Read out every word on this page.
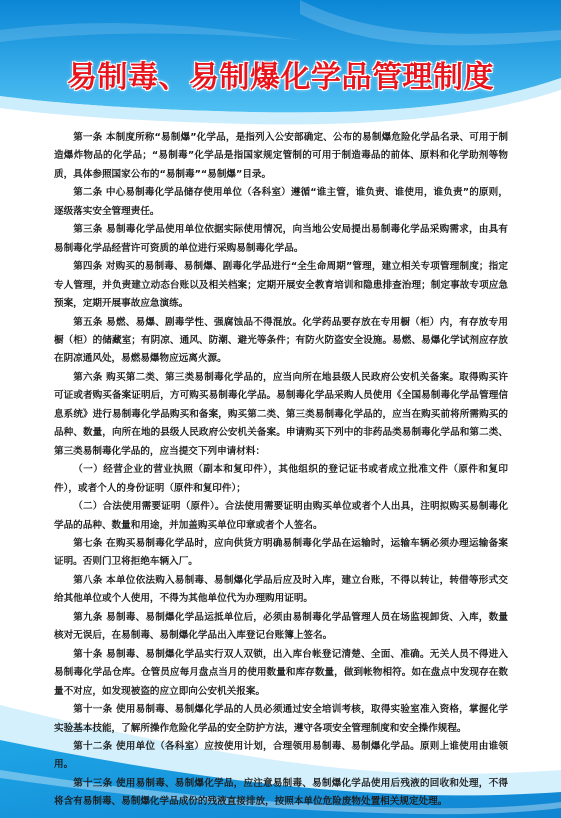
易制毒、易制爆化学品管理制度

第一条 本制度所称“易制爆”化学品，是指列入公安部确定、公布的易制爆危险化学品名录、可用于制造爆炸物品的化学品；“易制毒”化学品是指国家规定管制的可用于制造毒品的前体、原料和化学助剂等物质，具体参照国家公布的“易制毒”“易制爆”目录。

第二条 中心易制毒化学品储存使用单位（各科室）遵循“谁主管，谁负责、谁使用，谁负责”的原则，逐级落实安全管理责任。

第三条 易制毒化学品使用单位依据实际使用情况，向当地公安局提出易制毒化学品采购需求，由具有易制毒化学品经营许可资质的单位进行采购易制毒化学品。

第四条 对购买的易制毒、易制爆、剧毒化学品进行“全生命周期”管理，建立相关专项管理制度；指定专人管理，并负责建立动态台账以及相关档案；定期开展安全教育培训和隐患排查治理；制定事故专项应急预案，定期开展事故应急演练。

第五条 易燃、易爆、剧毒学性、强腐蚀品不得混放。化学药品要存放在专用橱（柜）内，有存放专用橱（柜）的储藏室；有阴凉、通风、防潮、避光等条件；有防火防盗安全设施。易燃、易爆化学试剂应存放在阴凉通风处，易燃易爆物应远离火源。

第六条 购买第二类、第三类易制毒化学品的，应当向所在地县级人民政府公安机关备案。取得购买许可证或者购买备案证明后，方可购买易制毒化学品。易制毒化学品采购人员使用《全国易制毒化学品管理信息系统》进行易制毒化学品购买和备案，购买第二类、第三类易制毒化学品的，应当在购买前将所需购买的品种、数量，向所在地的县级人民政府公安机关备案。申请购买下列中的非药品类易制毒化学品和第二类、第三类易制毒化学品的，应当提交下列申请材料：

（一）经营企业的营业执照（副本和复印件），其他组织的登记证书或者成立批准文件（原件和复印件），或者个人的身份证明（原件和复印件）；

（二）合法使用需要证明（原件）。合法使用需要证明由购买单位或者个人出具，注明拟购买易制毒化学品的品种、数量和用途，并加盖购买单位印章或者个人签名。

第七条 在购买易制毒化学品时，应向供货方明确易制毒化学品在运输时，运输车辆必须办理运输备案证明。否则门卫将拒绝车辆入厂。

第八条 本单位依法购入易制毒、易制爆化学品后应及时入库，建立台账，不得以转让，转借等形式交给其他单位或个人使用，不得为其他单位代为办理购用证明。

第九条 易制毒、易制爆化学品运抵单位后，必须由易制毒化学品管理人员在场监视卸货、入库，数量核对无误后，在易制毒、易制爆化学品出入库登记台账簿上签名。

第十条 易制毒、易制爆化学品实行双人双锁，出入库台帐登记清楚、全面、准确。无关人员不得进入易制毒化学品仓库。仓管员应每月盘点当月的使用数量和库存数量，做到帐物相符。如在盘点中发现存在数量不对应，如发现被盗的应立即向公安机关报案。

第十一条 使用易制毒、易制爆化学品的人员必须通过安全培训考核，取得实验室准入资格，掌握化学实验基本技能，了解所操作危险化学品的安全防护方法，遵守各项安全管理制度和安全操作规程。

第十二条 使用单位（各科室）应按使用计划，合理领用易制毒、易制爆化学品。原则上谁使用由谁领用。

第十三条 使用易制毒、易制爆化学品，应注意易制毒、易制爆化学品使用后残液的回收和处理，不得将含有易制毒、易制爆化学品成份的残液直接排放，按照本单位危险废物处置相关规定处理。
